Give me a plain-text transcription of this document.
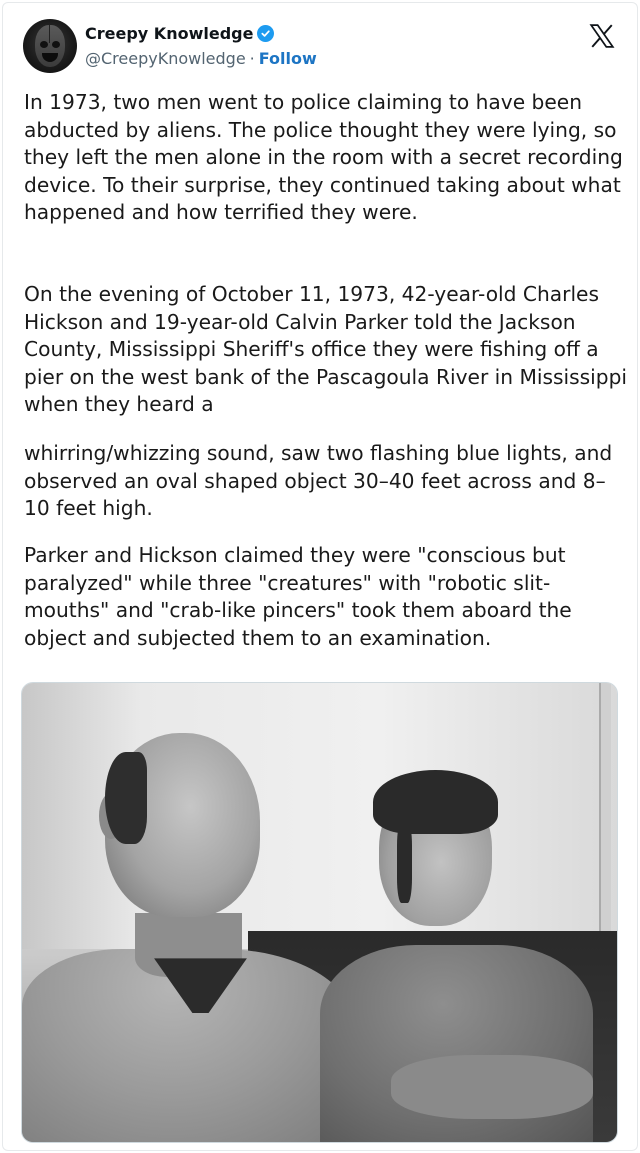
Creepy Knowledge
@CreepyKnowledge · Follow
In 1973, two men went to police claiming to have been abducted by aliens. The police thought they were lying, so they left the men alone in the room with a secret recording device. To their surprise, they continued taking about what happened and how terrified they were.
On the evening of October 11, 1973, 42-year-old Charles Hickson and 19-year-old Calvin Parker told the Jackson County, Mississippi Sheriff's office they were fishing off a pier on the west bank of the Pascagoula River in Mississippi when they heard a
whirring/whizzing sound, saw two flashing blue lights, and observed an oval shaped object 30–40 feet across and 8–10 feet high.
Parker and Hickson claimed they were "conscious but paralyzed" while three "creatures" with "robotic slit-mouths" and "crab-like pincers" took them aboard the object and subjected them to an examination.
